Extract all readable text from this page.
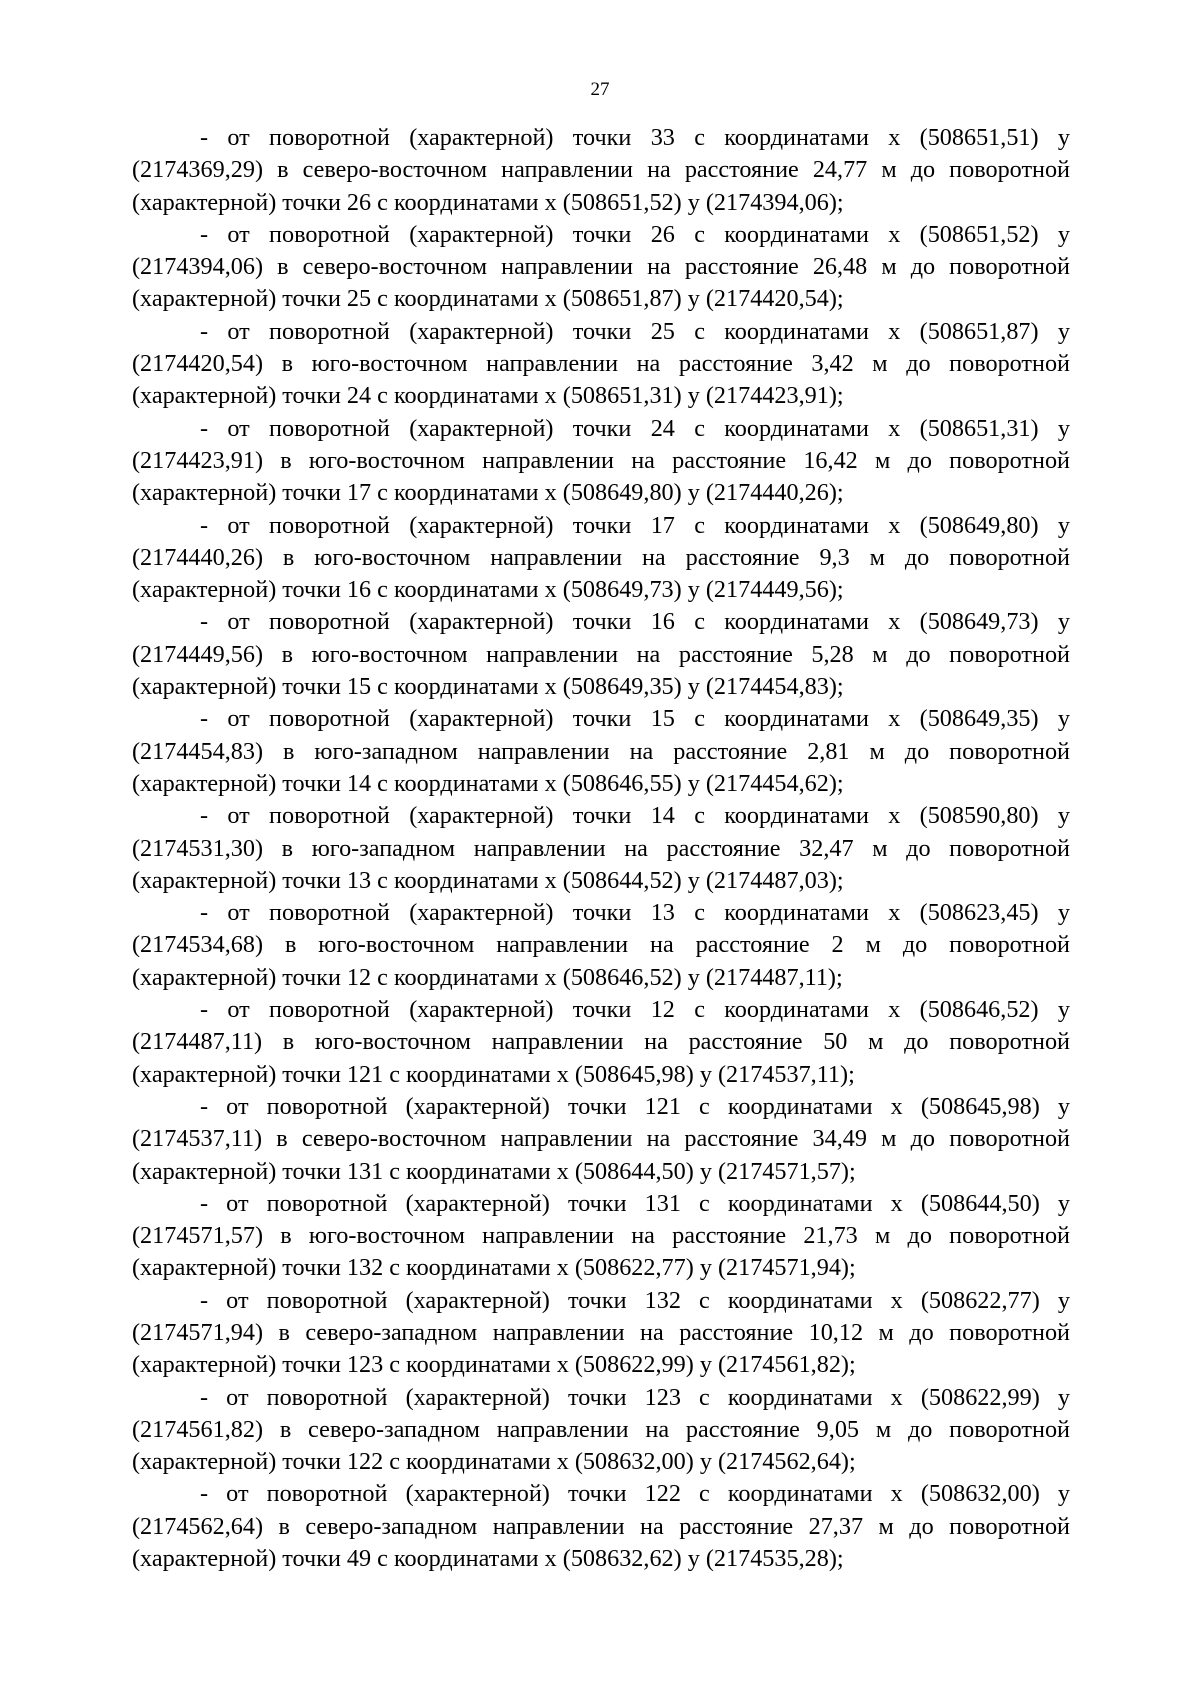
27

- от поворотной (характерной) точки 33 с координатами х (508651,51) у (2174369,29) в северо-восточном направлении на расстояние 24,77 м до поворотной (характерной) точки 26 с координатами х (508651,52) у (2174394,06);

- от поворотной (характерной) точки 26 с координатами х (508651,52) у (2174394,06) в северо-восточном направлении на расстояние 26,48 м до поворотной (характерной) точки 25 с координатами х (508651,87) у (2174420,54);

- от поворотной (характерной) точки 25 с координатами х (508651,87) у (2174420,54) в юго-восточном направлении на расстояние 3,42 м до поворотной (характерной) точки 24 с координатами х (508651,31) у (2174423,91);

- от поворотной (характерной) точки 24 с координатами х (508651,31) у (2174423,91) в юго-восточном направлении на расстояние 16,42 м до поворотной (характерной) точки 17 с координатами х (508649,80) у (2174440,26);

- от поворотной (характерной) точки 17 с координатами х (508649,80) у (2174440,26) в юго-восточном направлении на расстояние 9,3 м до поворотной (характерной) точки 16 с координатами х (508649,73) у (2174449,56);

- от поворотной (характерной) точки 16 с координатами х (508649,73) у (2174449,56) в юго-восточном направлении на расстояние 5,28 м до поворотной (характерной) точки 15 с координатами х (508649,35) у (2174454,83);

- от поворотной (характерной) точки 15 с координатами х (508649,35) у (2174454,83) в юго-западном направлении на расстояние 2,81 м до поворотной (характерной) точки 14 с координатами х (508646,55) у (2174454,62);

- от поворотной (характерной) точки 14 с координатами х (508590,80) у (2174531,30) в юго-западном направлении на расстояние 32,47 м до поворотной (характерной) точки 13 с координатами х (508644,52) у (2174487,03);

- от поворотной (характерной) точки 13 с координатами х (508623,45) у (2174534,68) в юго-восточном направлении на расстояние 2 м до поворотной (характерной) точки 12 с координатами х (508646,52) у (2174487,11);

- от поворотной (характерной) точки 12 с координатами х (508646,52) у (2174487,11) в юго-восточном направлении на расстояние 50 м до поворотной (характерной) точки 121 с координатами х (508645,98) у (2174537,11);

- от поворотной (характерной) точки 121 с координатами х (508645,98) у (2174537,11) в северо-восточном направлении на расстояние 34,49 м до поворотной (характерной) точки 131 с координатами х (508644,50) у (2174571,57);

- от поворотной (характерной) точки 131 с координатами х (508644,50) у (2174571,57) в юго-восточном направлении на расстояние 21,73 м до поворотной (характерной) точки 132 с координатами х (508622,77) у (2174571,94);

- от поворотной (характерной) точки 132 с координатами х (508622,77) у (2174571,94) в северо-западном направлении на расстояние 10,12 м до поворотной (характерной) точки 123 с координатами х (508622,99) у (2174561,82);

- от поворотной (характерной) точки 123 с координатами х (508622,99) у (2174561,82) в северо-западном направлении на расстояние 9,05 м до поворотной (характерной) точки 122 с координатами х (508632,00) у (2174562,64);

- от поворотной (характерной) точки 122 с координатами х (508632,00) у (2174562,64) в северо-западном направлении на расстояние 27,37 м до поворотной (характерной) точки 49 с координатами х (508632,62) у (2174535,28);
